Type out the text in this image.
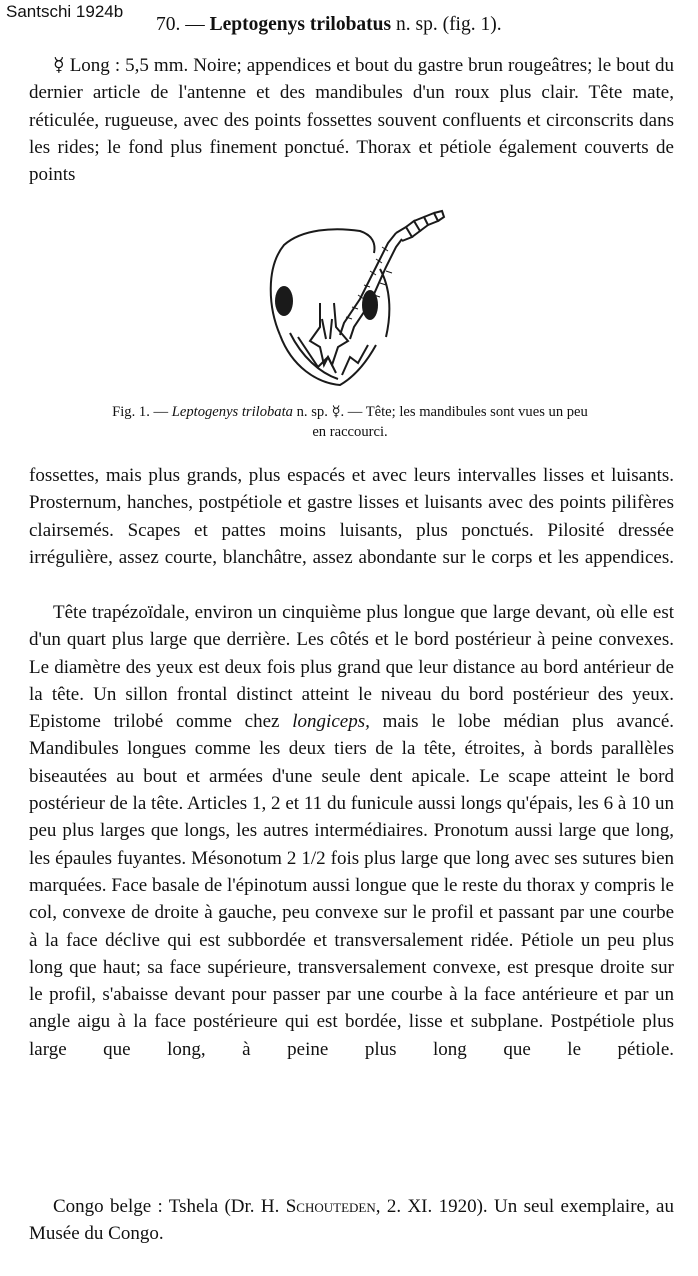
Santschi 1924b
70. — Leptogenys trilobatus n. sp. (fig. 1).
☿ Long : 5,5 mm. Noire; appendices et bout du gastre brun rougeâtres; le bout du dernier article de l'antenne et des mandibules d'un roux plus clair. Tête mate, réticulée, rugueuse, avec des points fossettes souvent confluents et circonscrits dans les rides; le fond plus finement ponctué. Thorax et pétiole également couverts de points
Fig. 1. — Leptogenys trilobata n. sp. ☿. — Tête; les mandibules sont vues un peu en raccourci.
fossettes, mais plus grands, plus espacés et avec leurs intervalles lisses et luisants. Prosternum, hanches, postpétiole et gastre lisses et luisants avec des points pilifères clairsemés. Scapes et pattes moins luisants, plus ponctués. Pilosité dressée irrégulière, assez courte, blanchâtre, assez abondante sur le corps et les appendices.
Tête trapézoïdale, environ un cinquième plus longue que large devant, où elle est d'un quart plus large que derrière. Les côtés et le bord postérieur à peine convexes. Le diamètre des yeux est deux fois plus grand que leur distance au bord antérieur de la tête. Un sillon frontal distinct atteint le niveau du bord postérieur des yeux. Epistome trilobé comme chez longiceps, mais le lobe médian plus avancé. Mandibules longues comme les deux tiers de la tête, étroites, à bords parallèles biseautées au bout et armées d'une seule dent apicale. Le scape atteint le bord postérieur de la tête. Articles 1, 2 et 11 du funicule aussi longs qu'épais, les 6 à 10 un peu plus larges que longs, les autres intermédiaires. Pronotum aussi large que long, les épaules fuyantes. Mésonotum 2 1/2 fois plus large que long avec ses sutures bien marquées. Face basale de l'épinotum aussi longue que le reste du thorax y compris le col, convexe de droite à gauche, peu convexe sur le profil et passant par une courbe à la face déclive qui est subbordée et transversalement ridée. Pétiole un peu plus long que haut; sa face supérieure, transversalement convexe, est presque droite sur le profil, s'abaisse devant pour passer par une courbe à la face antérieure et par un angle aigu à la face postérieure qui est bordée, lisse et subplane. Postpétiole plus large que long, à peine plus long que le pétiole.
Congo belge : Tshela (Dr. H. Schouteden, 2. XI. 1920). Un seul exemplaire, au Musée du Congo.
